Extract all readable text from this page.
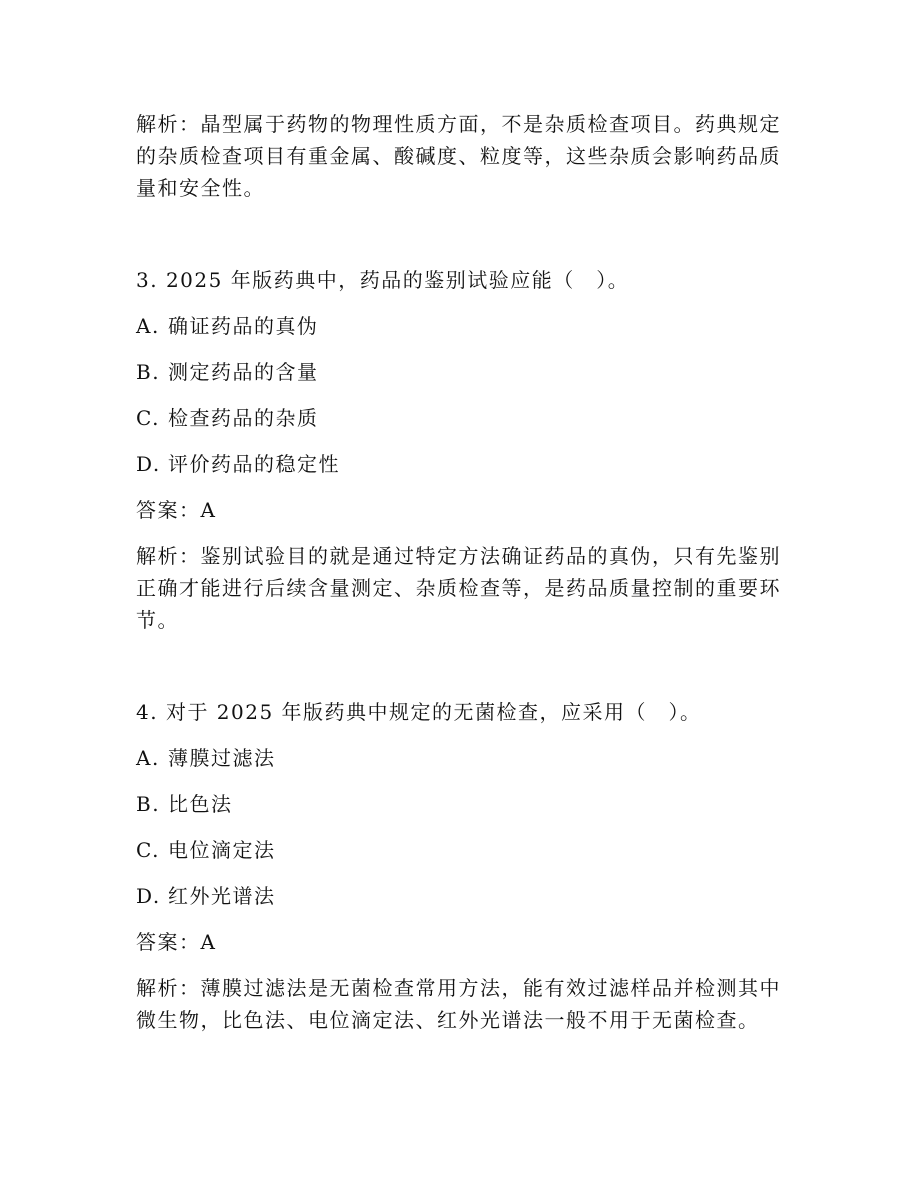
解析：晶型属于药物的物理性质方面，不是杂质检查项目。药典规定
的杂质检查项目有重金属、酸碱度、粒度等，这些杂质会影响药品质
量和安全性。
3. 2025 年版药典中，药品的鉴别试验应能（　）。
A. 确证药品的真伪
B. 测定药品的含量
C. 检查药品的杂质
D. 评价药品的稳定性
答案：A
解析：鉴别试验目的就是通过特定方法确证药品的真伪，只有先鉴别
正确才能进行后续含量测定、杂质检查等，是药品质量控制的重要环
节。
4. 对于 2025 年版药典中规定的无菌检查，应采用（　）。
A. 薄膜过滤法
B. 比色法
C. 电位滴定法
D. 红外光谱法
答案：A
解析：薄膜过滤法是无菌检查常用方法，能有效过滤样品并检测其中
微生物，比色法、电位滴定法、红外光谱法一般不用于无菌检查。
